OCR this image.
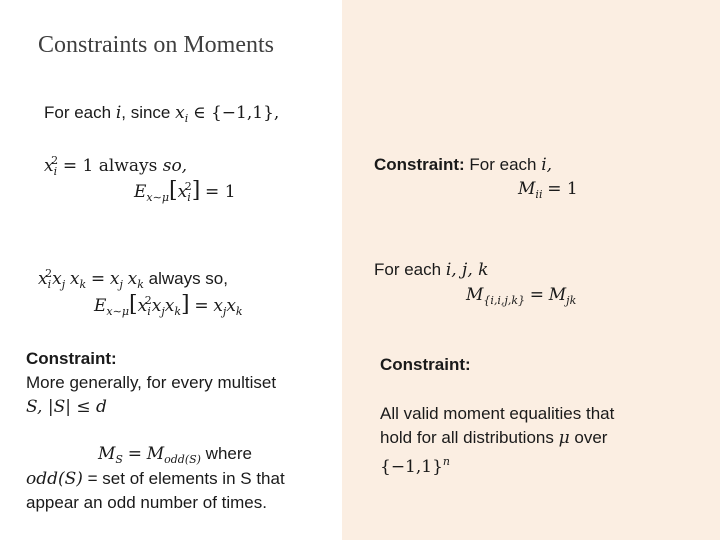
Constraints on Moments
For each i, since $x_i$ ∈ {−1,1},
$x_i^2 = 1$ always so,
$E_{x\sim\mu}[x_i^2] = 1$
$x_i^2x_j$ $x_k = x_j$ $x_k$ always so,
$E_{x\sim\mu}[x_i^2x_jx_k] = x_jx_k$
Constraint:
More generally, for every multiset
S, |S| ≤ d
$M_S = M_{odd(S)}$ where
odd(S) = set of elements in S that
appear an odd number of times.
Constraint: For each i,
$M_{ii} = 1$
For each i, j, k
$M_{\{i,i,j,k\}} = M_{jk}$
Constraint:
All valid moment equalities that
hold for all distributions μ over
$\{-1,1\}^n$
